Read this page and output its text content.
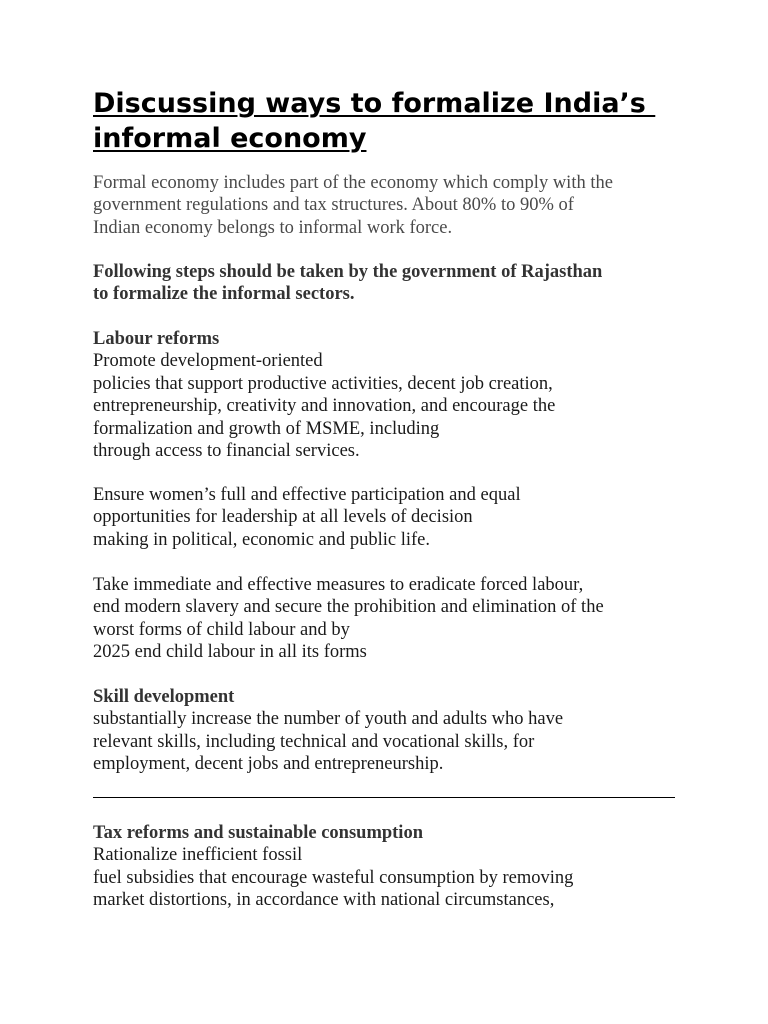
Discussing ways to formalize India’s
informal economy

Formal economy includes part of the economy which comply with the
government regulations and tax structures. About 80% to 90% of
Indian economy belongs to informal work force.

Following steps should be taken by the government of Rajasthan
to formalize the informal sectors.

Labour reforms
Promote development-oriented
policies that support productive activities, decent job creation,
entrepreneurship, creativity and innovation, and encourage the
formalization and growth of MSME, including
through access to financial services.

Ensure women’s full and effective participation and equal
opportunities for leadership at all levels of decision
making in political, economic and public life.

Take immediate and effective measures to eradicate forced labour,
end modern slavery and secure the prohibition and elimination of the
worst forms of child labour and by
2025 end child labour in all its forms

Skill development
substantially increase the number of youth and adults who have
relevant skills, including technical and vocational skills, for
employment, decent jobs and entrepreneurship.

Tax reforms and sustainable consumption
Rationalize inefficient fossil
fuel subsidies that encourage wasteful consumption by removing
market distortions, in accordance with national circumstances,
